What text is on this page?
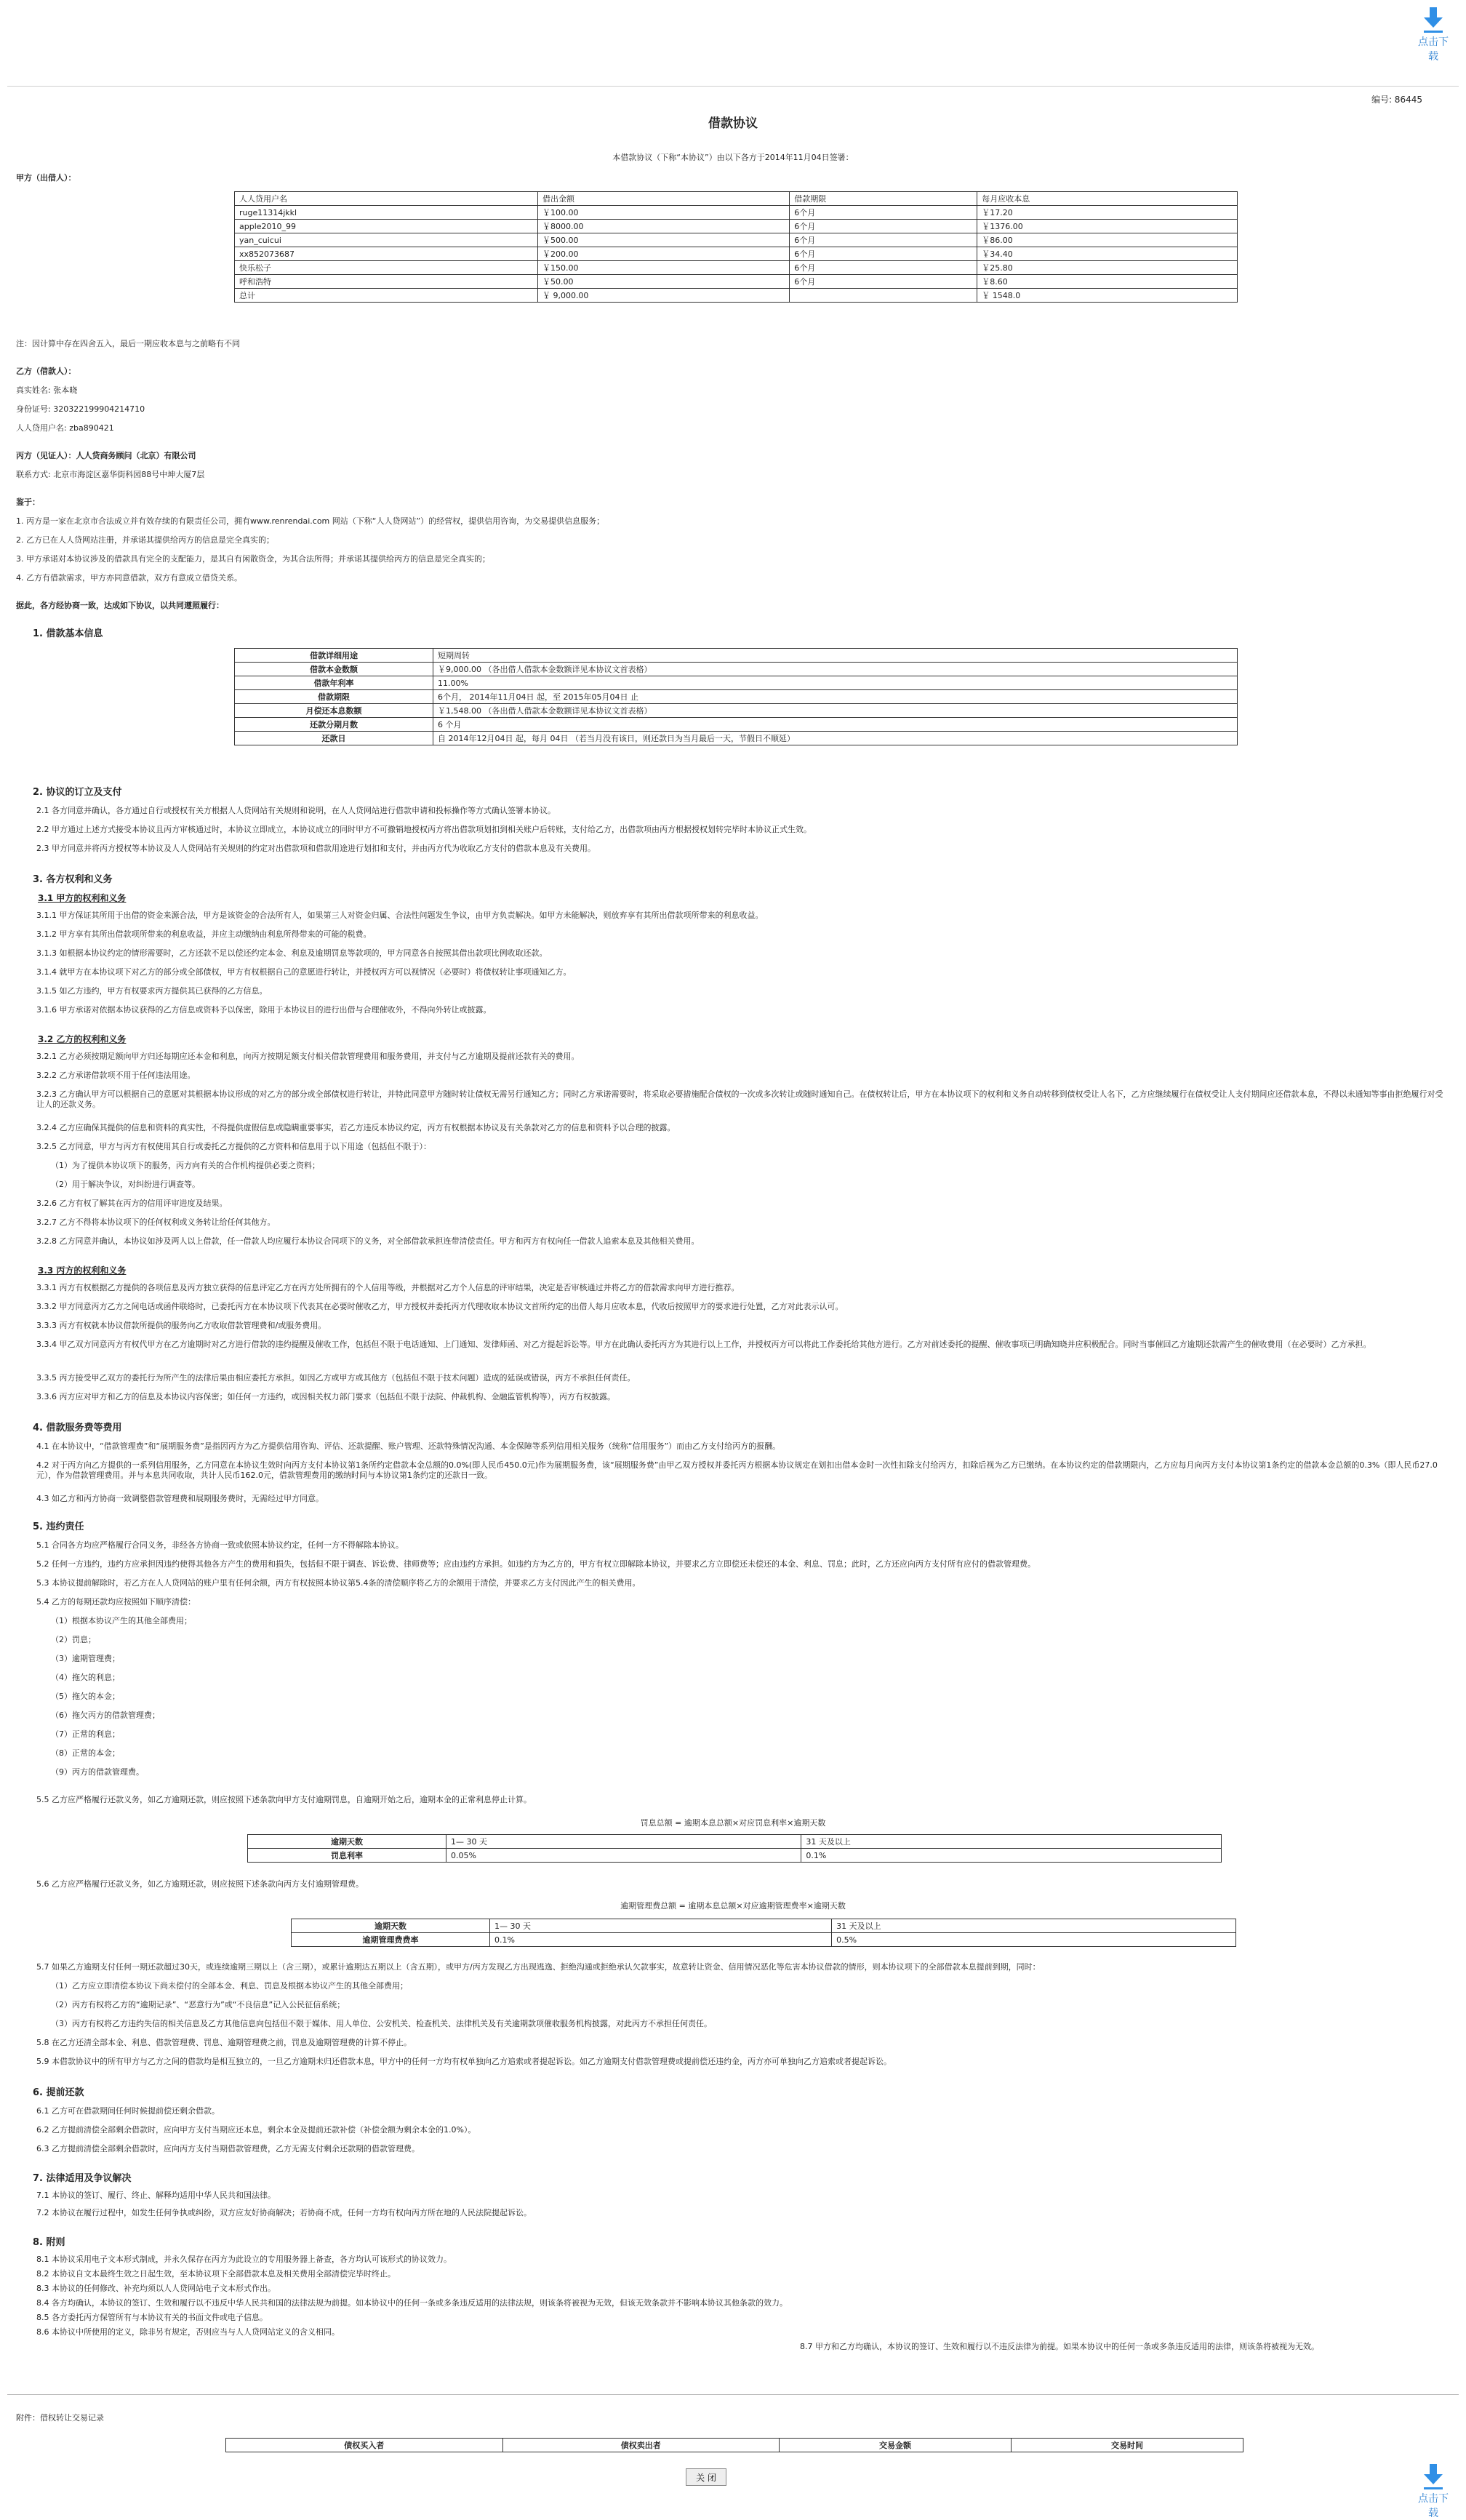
点击下载
编号: 86445
借款协议
本借款协议（下称“本协议”）由以下各方于2014年11月04日签署：
甲方（出借人）：
人人贷用户名	借出金额	借款期限	每月应收本息
ruge11314jkkl	￥100.00	6个月	￥17.20
apple2010_99	￥8000.00	6个月	￥1376.00
yan_cuicui	￥500.00	6个月	￥86.00
xx852073687	￥200.00	6个月	￥34.40
快乐松子	￥150.00	6个月	￥25.80
呼和浩特	￥50.00	6个月	￥8.60
总计	￥ 9,000.00		￥ 1548.0
注：因计算中存在四舍五入，最后一期应收本息与之前略有不同
乙方（借款人）：
真实姓名: 张本晓
身份证号: 320322199904214710
人人贷用户名: zba890421
丙方（见证人）：人人贷商务顾问（北京）有限公司
联系方式: 北京市海淀区嘉华街科园88号中坤大厦7层
鉴于：
1. 丙方是一家在北京市合法成立并有效存续的有限责任公司，拥有www.renrendai.com 网站（下称“人人贷网站”）的经营权，提供信用咨询，为交易提供信息服务；
2. 乙方已在人人贷网站注册，并承诺其提供给丙方的信息是完全真实的；
3. 甲方承诺对本协议涉及的借款具有完全的支配能力，是其自有闲散资金，为其合法所得；并承诺其提供给丙方的信息是完全真实的；
4. 乙方有借款需求，甲方亦同意借款，双方有意成立借贷关系。
据此，各方经协商一致，达成如下协议，以共同遵照履行：
1. 借款基本信息
借款详细用途	短期周转
借款本金数额	￥9,000.00 （各出借人借款本金数额详见本协议文首表格）
借款年利率	11.00%
借款期限	6个月， 2014年11月04日 起，至 2015年05月04日 止
月偿还本息数额	￥1,548.00 （各出借人借款本金数额详见本协议文首表格）
还款分期月数	6 个月
还款日	自 2014年12月04日 起，每月 04日 （若当月没有该日，则还款日为当月最后一天，节假日不顺延）
2. 协议的订立及支付
2.1 各方同意并确认，各方通过自行或授权有关方根据人人贷网站有关规则和说明，在人人贷网站进行借款申请和投标操作等方式确认签署本协议。
2.2 甲方通过上述方式接受本协议且丙方审核通过时，本协议立即成立，本协议成立的同时甲方不可撤销地授权丙方将出借款项划扣到相关账户后转账，支付给乙方，出借款项由丙方根据授权划转完毕时本协议正式生效。
2.3 甲方同意并将丙方授权等本协议及人人贷网站有关规则的约定对出借款项和借款用途进行划扣和支付，并由丙方代为收取乙方支付的借款本息及有关费用。
3. 各方权利和义务
3.1 甲方的权利和义务
3.1.1 甲方保证其所用于出借的资金来源合法，甲方是该资金的合法所有人，如果第三人对资金归属、合法性问题发生争议，由甲方负责解决。如甲方未能解决，则放弃享有其所出借款项所带来的利息收益。
3.1.2 甲方享有其所出借款项所带来的利息收益，并应主动缴纳由利息所得带来的可能的税费。
3.1.3 如根据本协议约定的情形需要时，乙方还款不足以偿还约定本金、利息及逾期罚息等款项的，甲方同意各自按照其借出款项比例收取还款。
3.1.4 就甲方在本协议项下对乙方的部分或全部债权，甲方有权根据自己的意愿进行转让，并授权丙方可以视情况（必要时）将债权转让事项通知乙方。
3.1.5 如乙方违约，甲方有权要求丙方提供其已获得的乙方信息。
3.1.6 甲方承诺对依据本协议获得的乙方信息或资料予以保密，除用于本协议目的进行出借与合理催收外，不得向外转让或披露。
3.2 乙方的权利和义务
3.2.1 乙方必须按期足额向甲方归还每期应还本金和利息，向丙方按期足额支付相关借款管理费用和服务费用，并支付与乙方逾期及提前还款有关的费用。
3.2.2 乙方承诺借款项不用于任何违法用途。
3.2.3 乙方确认甲方可以根据自己的意愿对其根据本协议形成的对乙方的部分或全部债权进行转让，并特此同意甲方随时转让债权无需另行通知乙方；同时乙方承诺需要时，将采取必要措施配合债权的一次或多次转让或随时通知自己。在债权转让后，甲方在本协议项下的权利和义务自动转移到债权受让人名下，乙方应继续履行在债权受让人支付期间应还借款本息，不得以未通知等事由拒绝履行对受让人的还款义务。
3.2.4 乙方应确保其提供的信息和资料的真实性，不得提供虚假信息或隐瞒重要事实，若乙方违反本协议约定，丙方有权根据本协议及有关条款对乙方的信息和资料予以合理的披露。
3.2.5 乙方同意，甲方与丙方有权使用其自行或委托乙方提供的乙方资料和信息用于以下用途（包括但不限于）：
（1）为了提供本协议项下的服务，丙方向有关的合作机构提供必要之资料；
（2）用于解决争议，对纠纷进行调查等。
3.2.6 乙方有权了解其在丙方的信用评审进度及结果。
3.2.7 乙方不得将本协议项下的任何权利或义务转让给任何其他方。
3.2.8 乙方同意并确认，本协议如涉及两人以上借款，任一借款人均应履行本协议合同项下的义务，对全部借款承担连带清偿责任。甲方和丙方有权向任一借款人追索本息及其他相关费用。
3.3 丙方的权利和义务
3.3.1 丙方有权根据乙方提供的各项信息及丙方独立获得的信息评定乙方在丙方处所拥有的个人信用等级，并根据对乙方个人信息的评审结果，决定是否审核通过并将乙方的借款需求向甲方进行推荐。
3.3.2 甲方同意丙方乙方之间电话或函件联络时，已委托丙方在本协议项下代表其在必要时催收乙方，甲方授权并委托丙方代理收取本协议文首所约定的出借人每月应收本息，代收后按照甲方的要求进行处置，乙方对此表示认可。
3.3.3 丙方有权就本协议借款所提供的服务向乙方收取借款管理费和/或服务费用。
3.3.4 甲乙双方同意丙方有权代甲方在乙方逾期时对乙方进行借款的违约提醒及催收工作，包括但不限于电话通知、上门通知、发律师函、对乙方提起诉讼等。甲方在此确认委托丙方为其进行以上工作，并授权丙方可以将此工作委托给其他方进行。乙方对前述委托的提醒、催收事项已明确知晓并应积极配合。同时当事催回乙方逾期还款需产生的催收费用（在必要时）乙方承担。
3.3.5 丙方接受甲乙双方的委托行为所产生的法律后果由相应委托方承担。如因乙方或甲方或其他方（包括但不限于技术问题）造成的延误或错误，丙方不承担任何责任。
3.3.6 丙方应对甲方和乙方的信息及本协议内容保密；如任何一方违约，或因相关权力部门要求（包括但不限于法院、仲裁机构、金融监管机构等），丙方有权披露。
4. 借款服务费等费用
4.1 在本协议中，“借款管理费”和“展期服务费”是指因丙方为乙方提供信用咨询、评估、还款提醒、账户管理、还款特殊情况沟通、本金保障等系列信用相关服务（统称“信用服务”）而由乙方支付给丙方的报酬。
4.2 对于丙方向乙方提供的一系列信用服务，乙方同意在本协议生效时向丙方支付本协议第1条所约定借款本金总额的0.0%(即人民币450.0元)作为展期服务费，该“展期服务费”由甲乙双方授权并委托丙方根据本协议规定在划扣出借本金时一次性扣除支付给丙方，扣除后视为乙方已缴纳。在本协议约定的借款期限内，乙方应每月向丙方支付本协议第1条约定的借款本金总额的0.3%（即人民币27.0元），作为借款管理费用。并与本息共同收取，共计人民币162.0元，借款管理费用的缴纳时间与本协议第1条约定的还款日一致。
4.3 如乙方和丙方协商一致调整借款管理费和展期服务费时，无需经过甲方同意。
5. 违约责任
5.1 合同各方均应严格履行合同义务，非经各方协商一致或依照本协议约定，任何一方不得解除本协议。
5.2 任何一方违约，违约方应承担因违约使得其他各方产生的费用和损失，包括但不限于调查、诉讼费、律师费等；应由违约方承担。如违约方为乙方的，甲方有权立即解除本协议，并要求乙方立即偿还未偿还的本金、利息、罚息；此时，乙方还应向丙方支付所有应付的借款管理费。
5.3 本协议提前解除时，若乙方在人人贷网站的账户里有任何余额，丙方有权按照本协议第5.4条的清偿顺序将乙方的余额用于清偿，并要求乙方支付因此产生的相关费用。
5.4 乙方的每期还款均应按照如下顺序清偿：
（1）根据本协议产生的其他全部费用；
（2）罚息；
（3）逾期管理费；
（4）拖欠的利息；
（5）拖欠的本金；
（6）拖欠丙方的借款管理费；
（7）正常的利息；
（8）正常的本金；
（9）丙方的借款管理费。
5.5 乙方应严格履行还款义务，如乙方逾期还款，则应按照下述条款向甲方支付逾期罚息，自逾期开始之后，逾期本金的正常利息停止计算。
罚息总额 = 逾期本息总额×对应罚息利率×逾期天数
逾期天数	1— 30 天	31 天及以上
罚息利率	0.05%	0.1%
5.6 乙方应严格履行还款义务，如乙方逾期还款，则应按照下述条款向丙方支付逾期管理费。
逾期管理费总额 = 逾期本息总额×对应逾期管理费率×逾期天数
逾期天数	1— 30 天	31 天及以上
逾期管理费费率	0.1%	0.5%
5.7 如果乙方逾期支付任何一期还款超过30天，或连续逾期三期以上（含三期），或累计逾期达五期以上（含五期），或甲方/丙方发现乙方出现逃逸、拒绝沟通或拒绝承认欠款事实，故意转让资金、信用情况恶化等危害本协议借款的情形，则本协议项下的全部借款本息提前到期，同时：
（1）乙方应立即清偿本协议下尚未偿付的全部本金、利息、罚息及根据本协议产生的其他全部费用；
（2）丙方有权将乙方的“逾期记录”、“恶意行为”或“不良信息”记入公民征信系统；
（3）丙方有权将乙方违约失信的相关信息及乙方其他信息向包括但不限于媒体、用人单位、公安机关、检查机关、法律机关及有关逾期款项催收服务机构披露，对此丙方不承担任何责任。
5.8 在乙方还清全部本金、利息、借款管理费、罚息、逾期管理费之前，罚息及逾期管理费的计算不停止。
5.9 本借款协议中的所有甲方与乙方之间的借款均是相互独立的，一旦乙方逾期未归还借款本息，甲方中的任何一方均有权单独向乙方追索或者提起诉讼。如乙方逾期支付借款管理费或提前偿还违约金，丙方亦可单独向乙方追索或者提起诉讼。
6. 提前还款
6.1 乙方可在借款期间任何时候提前偿还剩余借款。
6.2 乙方提前清偿全部剩余借款时，应向甲方支付当期应还本息，剩余本金及提前还款补偿（补偿金额为剩余本金的1.0%）。
6.3 乙方提前清偿全部剩余借款时，应向丙方支付当期借款管理费，乙方无需支付剩余还款期的借款管理费。
7. 法律适用及争议解决
7.1 本协议的签订、履行、终止、解释均适用中华人民共和国法律。
7.2 本协议在履行过程中，如发生任何争执或纠纷，双方应友好协商解决；若协商不成，任何一方均有权向丙方所在地的人民法院提起诉讼。
8. 附则
8.1 本协议采用电子文本形式制成，并永久保存在丙方为此设立的专用服务器上备查，各方均认可该形式的协议效力。
8.2 本协议自文本最终生效之日起生效，至本协议项下全部借款本息及相关费用全部清偿完毕时终止。
8.3 本协议的任何修改、补充均须以人人贷网站电子文本形式作出。
8.4 各方均确认，本协议的签订、生效和履行以不违反中华人民共和国的法律法规为前提。如本协议中的任何一条或多条违反适用的法律法规，则该条将被视为无效，但该无效条款并不影响本协议其他条款的效力。
8.5 各方委托丙方保管所有与本协议有关的书面文件或电子信息。
8.6 本协议中所使用的定义，除非另有规定，否则应当与人人贷网站定义的含义相同。
8.7 甲方和乙方均确认，本协议的签订、生效和履行以不违反法律为前提。如果本协议中的任何一条或多条违反适用的法律，则该条将被视为无效。
附件：借权转让交易记录
债权买入者	债权卖出者	交易金额	交易时间
关 闭
点击下载
